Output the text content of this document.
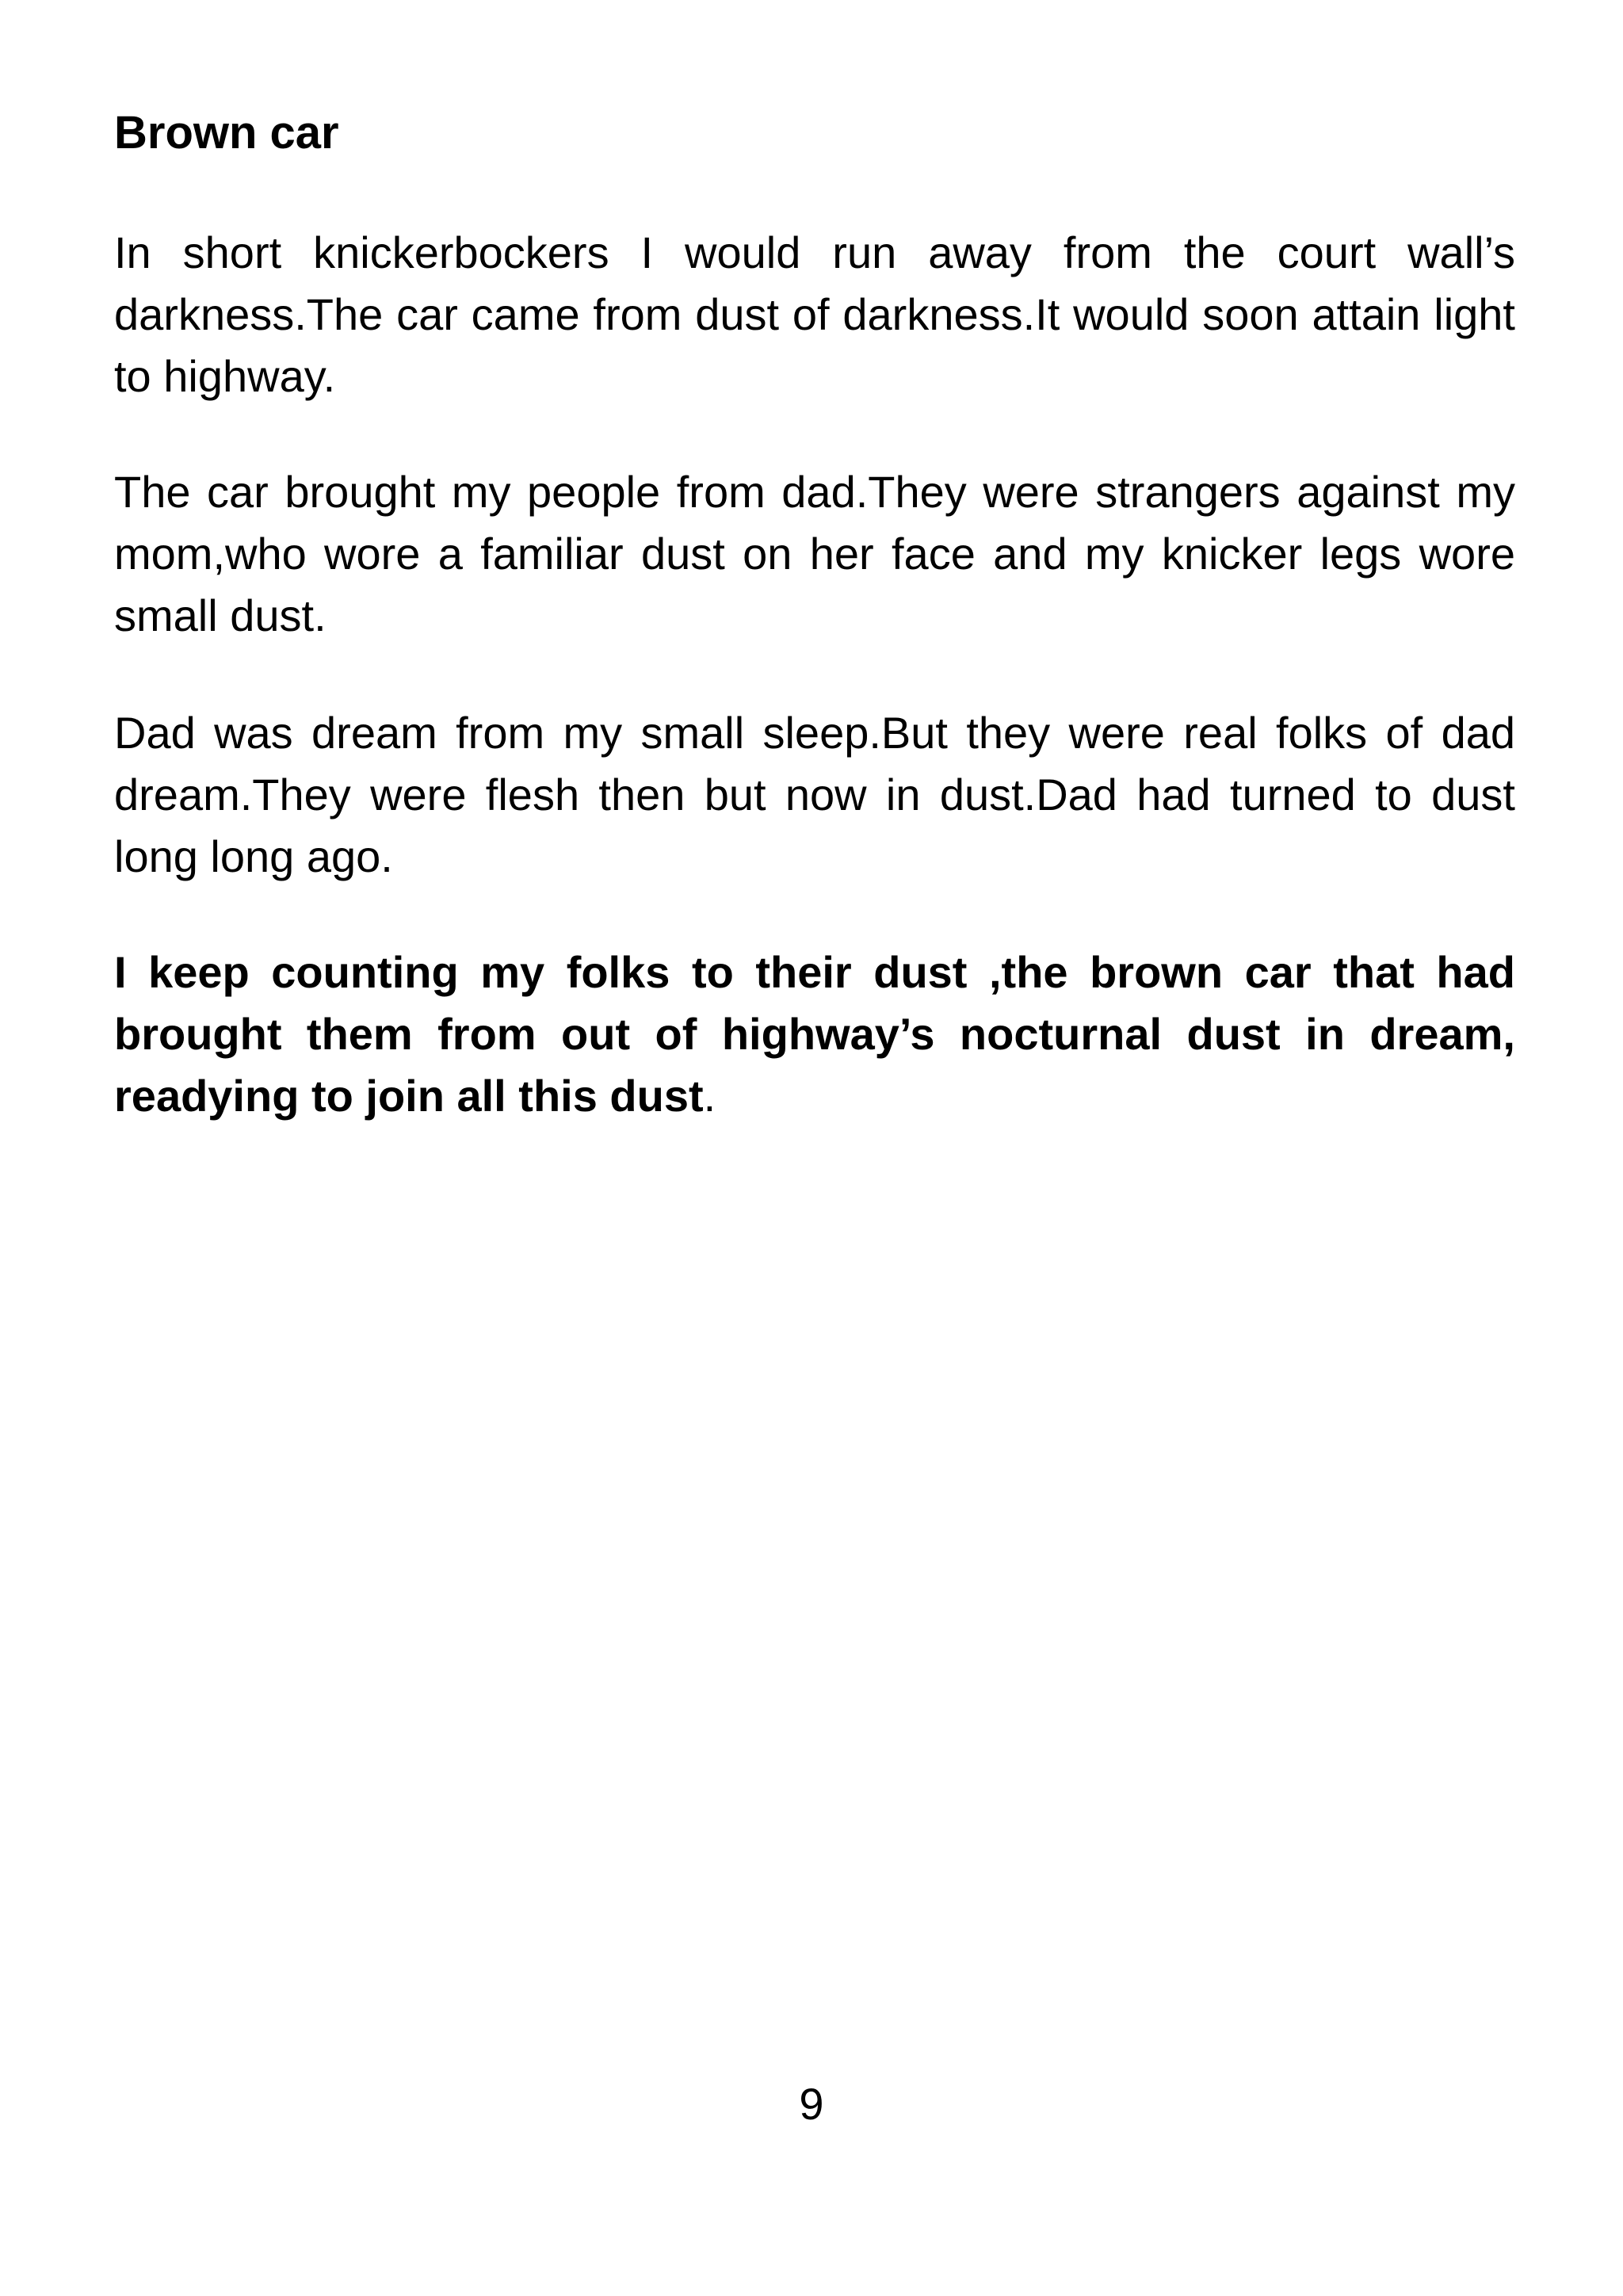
Brown car

In short knickerbockers I would run away from the court wall’s darkness.The car came from dust of darkness.It would soon attain light to highway.

The car brought my people from dad.They were strangers against my mom,who wore a familiar dust on her face and my knicker legs wore small dust.

Dad was dream from my small sleep.But they were real folks of dad dream.They were flesh then but now in dust.Dad had turned to dust long long ago.

I keep counting my folks to their dust ,the brown car that had brought them from out of highway’s nocturnal dust in dream, readying to join all this dust.

9
